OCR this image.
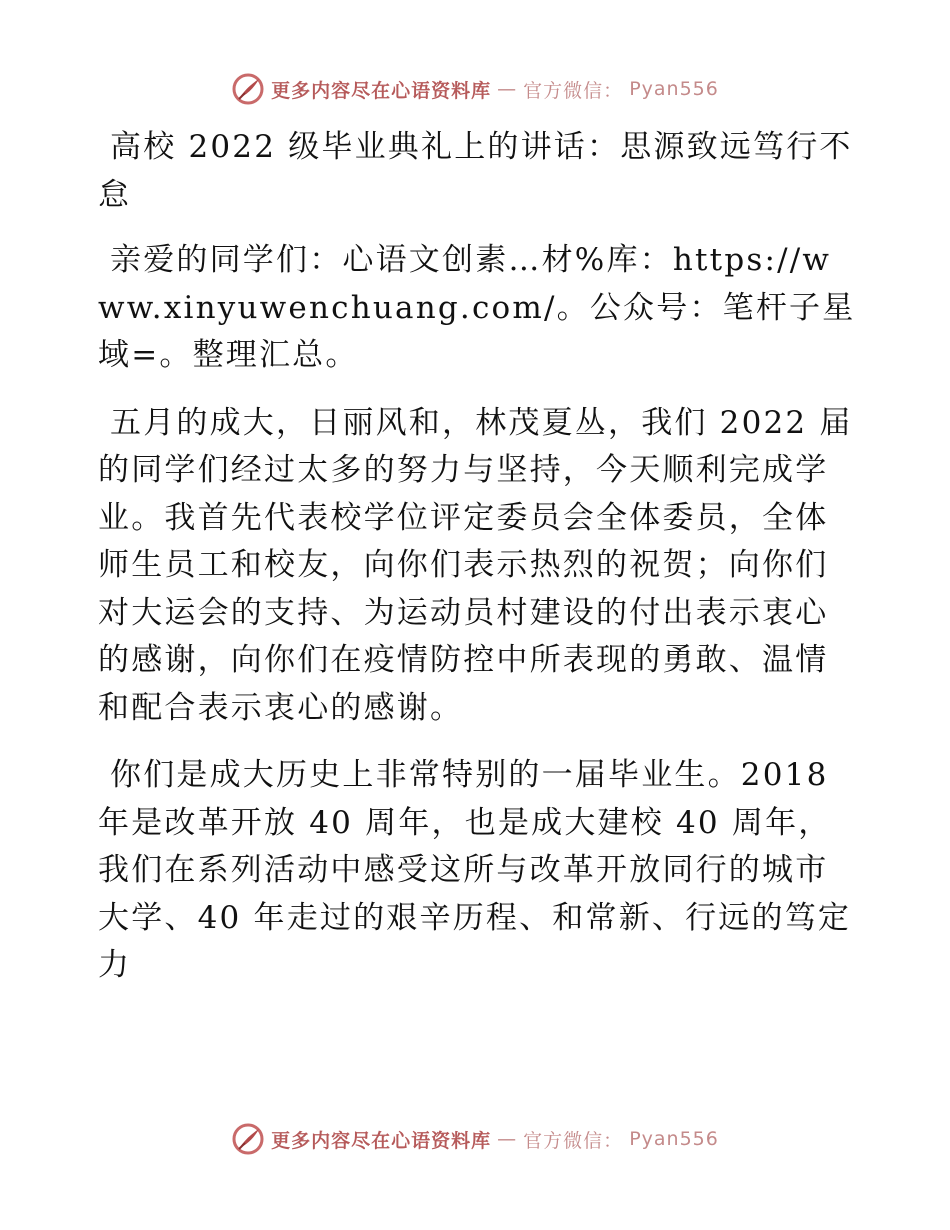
更多内容尽在心语资料库 — 官方微信： Pyan556

高校 2022 级毕业典礼上的讲话：思源致远笃行不怠

亲爱的同学们：心语文创素…材%库：https://www.xinyuwenchuang.com/。公众号：笔杆子星域=。整理汇总。

五月的成大，日丽风和，林茂夏丛，我们 2022 届的同学们经过太多的努力与坚持，今天顺利完成学业。我首先代表校学位评定委员会全体委员，全体师生员工和校友，向你们表示热烈的祝贺；向你们对大运会的支持、为运动员村建设的付出表示衷心的感谢，向你们在疫情防控中所表现的勇敢、温情和配合表示衷心的感谢。

你们是成大历史上非常特别的一届毕业生。2018 年是改革开放 40 周年，也是成大建校 40 周年，我们在系列活动中感受这所与改革开放同行的城市大学、40 年走过的艰辛历程、和常新、行远的笃定力

更多内容尽在心语资料库 — 官方微信： Pyan556
